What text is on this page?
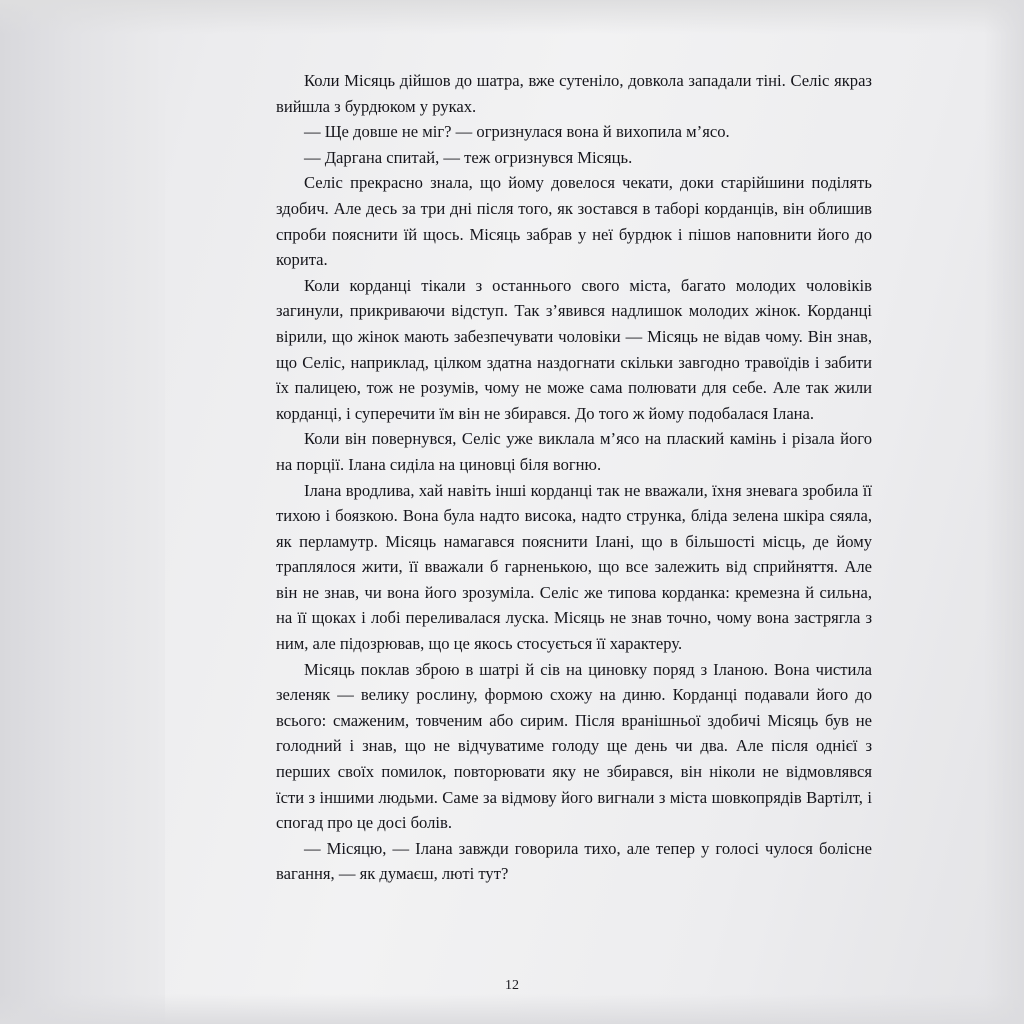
Коли Місяць дійшов до шатра, вже сутеніло, довкола западали тіні. Селіс якраз вийшла з бурдюком у руках.

— Ще довше не міг? — огризнулася вона й вихопила м’ясо.

— Даргана спитай, — теж огризнувся Місяць.

Селіс прекрасно знала, що йому довелося чекати, доки старійшини поділять здобич. Але десь за три дні після того, як зостався в таборі корданців, він облишив спроби пояснити їй щось. Місяць забрав у неї бурдюк і пішов наповнити його до корита.

Коли корданці тікали з останнього свого міста, багато молодих чоловіків загинули, прикриваючи відступ. Так з’явився надлишок молодих жінок. Корданці вірили, що жінок мають забезпечувати чоловіки — Місяць не відав чому. Він знав, що Селіс, наприклад, цілком здатна наздогнати скільки завгодно травоїдів і забити їх палицею, тож не розумів, чому не може сама полювати для себе. Але так жили корданці, і суперечити їм він не збирався. До того ж йому подобалася Ілана.

Коли він повернувся, Селіс уже виклала м’ясо на плаский камінь і різала його на порції. Ілана сиділа на циновці біля вогню.

Ілана вродлива, хай навіть інші корданці так не вважали, їхня зневага зробила її тихою і боязкою. Вона була надто висока, надто струнка, бліда зелена шкіра сяяла, як перламутр. Місяць намагався пояснити Ілані, що в більшості місць, де йому траплялося жити, її вважали б гарненькою, що все залежить від сприйняття. Але він не знав, чи вона його зрозуміла. Селіс же типова корданка: кремезна й сильна, на її щоках і лобі переливалася луска. Місяць не знав точно, чому вона застрягла з ним, але підозрював, що це якось стосується її характеру.

Місяць поклав зброю в шатрі й сів на циновку поряд з Іланою. Вона чистила зеленяк — велику рослину, формою схожу на диню. Корданці подавали його до всього: смаженим, товченим або сирим. Після вранішньої здобичі Місяць був не голодний і знав, що не відчуватиме голоду ще день чи два. Але після однієї з перших своїх помилок, повторювати яку не збирався, він ніколи не відмовлявся їсти з іншими людьми. Саме за відмову його вигнали з міста шовкопрядів Вартілт, і спогад про це досі болів.

— Місяцю, — Ілана завжди говорила тихо, але тепер у голосі чулося болісне вагання, — як думаєш, люті тут?

12
